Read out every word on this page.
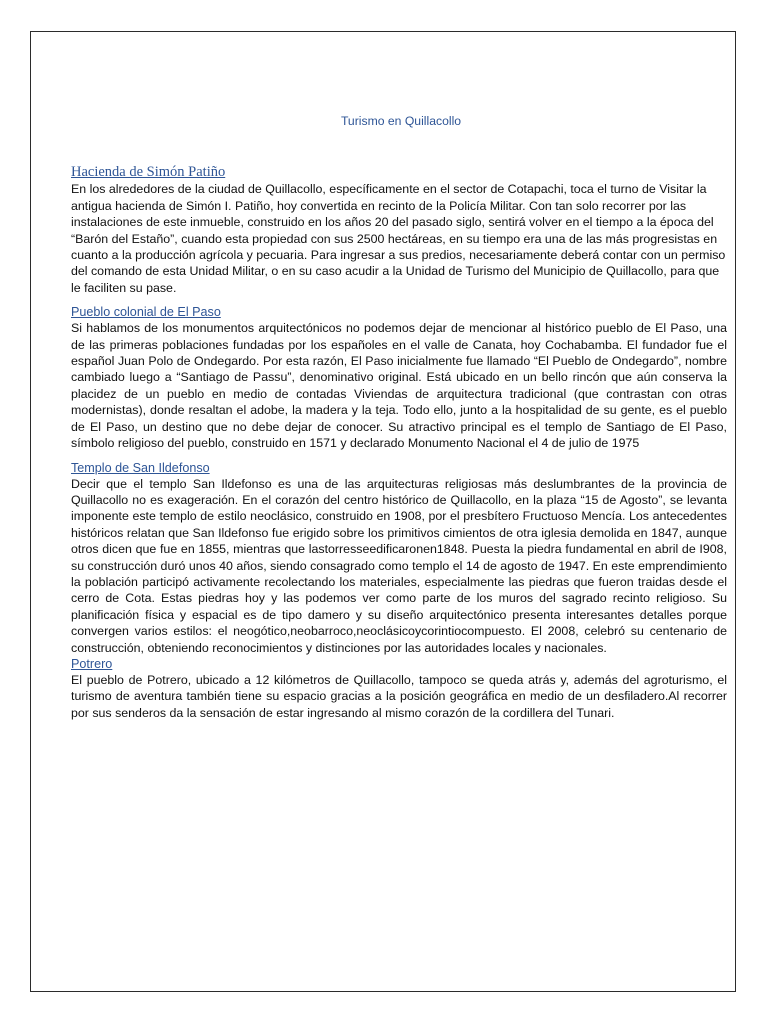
Turismo en Quillacollo

Hacienda de Simón Patiño

En los alrededores de la ciudad de Quillacollo, específicamente en el sector de Cotapachi, toca el turno de Visitar la antigua hacienda de Simón I. Patiño, hoy convertida en recinto de la Policía Militar. Con tan solo recorrer por las instalaciones de este inmueble, construido en los años 20 del pasado siglo, sentirá volver en el tiempo a la época del “Barón del Estaño”, cuando esta propiedad con sus 2500 hectáreas, en su tiempo era una de las más progresistas en cuanto a la producción agrícola y pecuaria. Para ingresar a sus predios, necesariamente deberá contar con un permiso del comando de esta Unidad Militar, o en su caso acudir a la Unidad de Turismo del Municipio de Quillacollo, para que le faciliten su pase.

Pueblo colonial de El Paso

Si hablamos de los monumentos arquitectónicos no podemos dejar de mencionar al histórico pueblo de El Paso, una de las primeras poblaciones fundadas por los españoles en el valle de Canata, hoy Cochabamba. El fundador fue el español Juan Polo de Ondegardo. Por esta razón, El Paso inicialmente fue llamado “El Pueblo de Ondegardo”, nombre cambiado luego a “Santiago de Passu”, denominativo original. Está ubicado en un bello rincón que aún conserva la placidez de un pueblo en medio de contadas Viviendas de arquitectura tradicional (que contrastan con otras modernistas), donde resaltan el adobe, la madera y la teja. Todo ello, junto a la hospitalidad de su gente, es el pueblo de El Paso, un destino que no debe dejar de conocer. Su atractivo principal es el templo de Santiago de El Paso, símbolo religioso del pueblo, construido en 1571 y declarado Monumento Nacional el 4 de julio de 1975

Templo de San Ildefonso

Decir que el templo San Ildefonso es una de las arquitecturas religiosas más deslumbrantes de la provincia de Quillacollo no es exageración. En el corazón del centro histórico de Quillacollo, en la plaza “15 de Agosto”, se levanta imponente este templo de estilo neoclásico, construido en 1908, por el presbítero Fructuoso Mencía. Los antecedentes históricos relatan que San Ildefonso fue erigido sobre los primitivos cimientos de otra iglesia demolida en 1847, aunque otros dicen que fue en 1855, mientras que lastorresseedificaronen1848. Puesta la piedra fundamental en abril de I908, su construcción duró unos 40 años, siendo consagrado como templo el 14 de agosto de 1947. En este emprendimiento la población participó activamente recolectando los materiales, especialmente las piedras que fueron traidas desde el cerro de Cota. Estas piedras hoy y las podemos ver como parte de los muros del sagrado recinto religioso. Su planificación física y espacial es de tipo damero y su diseño arquitectónico presenta interesantes detalles porque convergen varios estilos: el neogótico,neobarroco,neoclásicoycorintiocompuesto. El 2008, celebró su centenario de construcción, obteniendo reconocimientos y distinciones por las autoridades locales y nacionales.

Potrero

El pueblo de Potrero, ubicado a 12 kilómetros de Quillacollo, tampoco se queda atrás y, además del agroturismo, el turismo de aventura también tiene su espacio gracias a la posición geográfica en medio de un desfiladero.Al recorrer por sus senderos da la sensación de estar ingresando al mismo corazón de la cordillera del Tunari.
